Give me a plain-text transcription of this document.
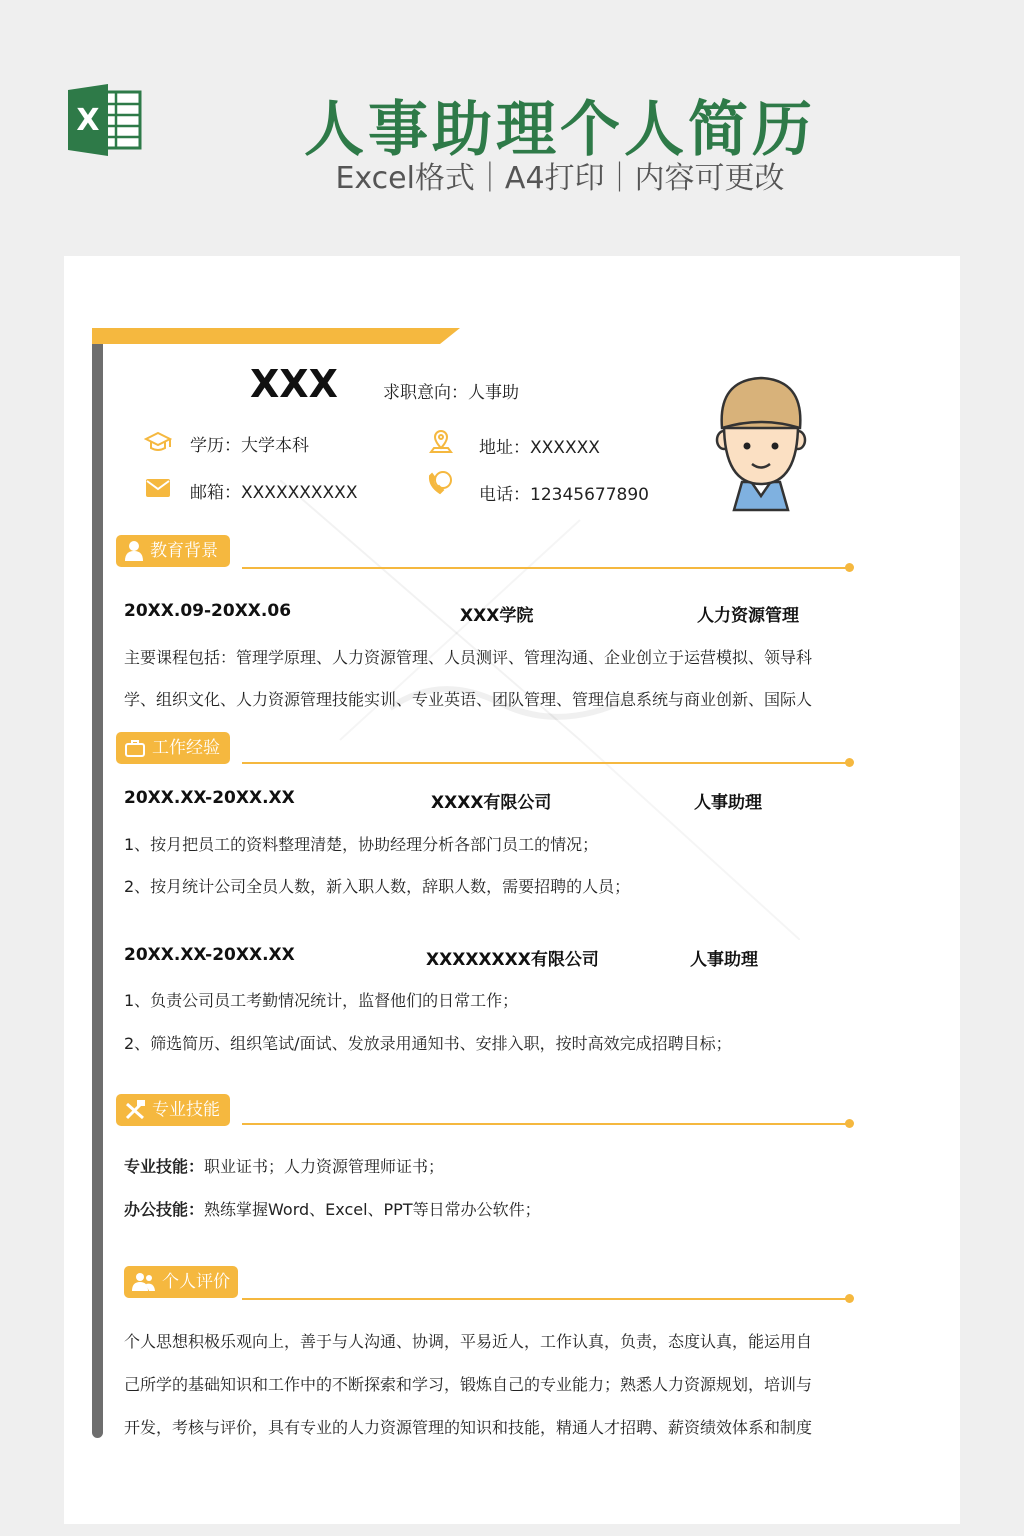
X	人事助理个人简历
Excel格式｜A4打印｜内容可更改
XXX	求职意向：人事助
学历：大学本科	地址：XXXXXX
邮箱：XXXXXXXXXX	电话：12345677890
教育背景
20XX.09-20XX.06	XXX学院	人力资源管理
主要课程包括：管理学原理、人力资源管理、人员测评、管理沟通、企业创立于运营模拟、领导科
学、组织文化、人力资源管理技能实训、专业英语、团队管理、管理信息系统与商业创新、国际人
工作经验
20XX.XX-20XX.XX	XXXX有限公司	人事助理
1、按月把员工的资料整理清楚，协助经理分析各部门员工的情况；
2、按月统计公司全员人数，新入职人数，辞职人数，需要招聘的人员；
20XX.XX-20XX.XX	XXXXXXXX有限公司	人事助理
1、负责公司员工考勤情况统计，监督他们的日常工作；
2、筛选简历、组织笔试/面试、发放录用通知书、安排入职，按时高效完成招聘目标；
专业技能
专业技能：职业证书；人力资源管理师证书；
办公技能：熟练掌握Word、Excel、PPT等日常办公软件；
个人评价
个人思想积极乐观向上，善于与人沟通、协调，平易近人，工作认真，负责，态度认真，能运用自
己所学的基础知识和工作中的不断探索和学习，锻炼自己的专业能力；熟悉人力资源规划，培训与
开发，考核与评价，具有专业的人力资源管理的知识和技能，精通人才招聘、薪资绩效体系和制度
